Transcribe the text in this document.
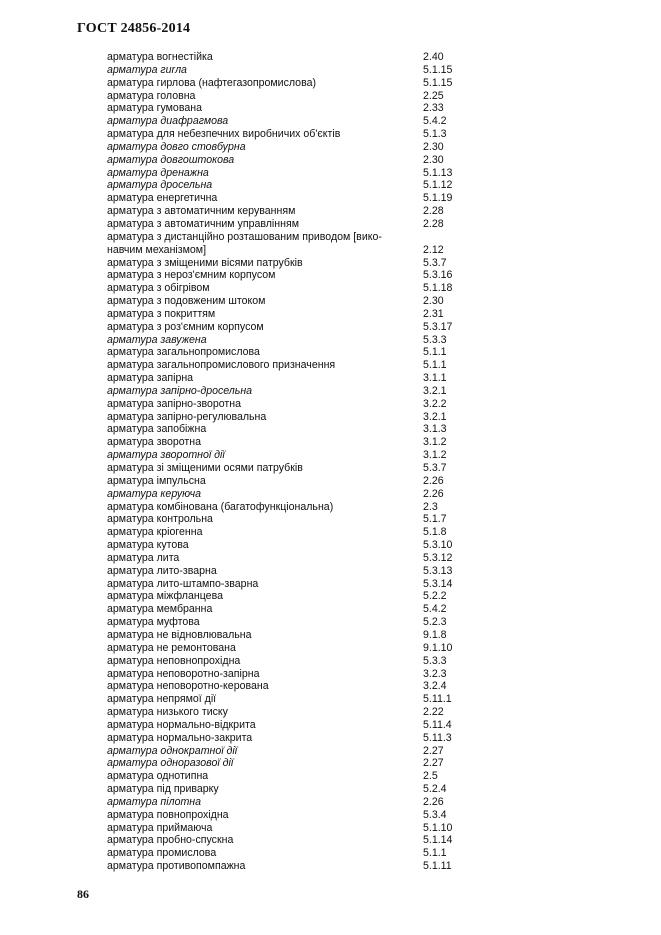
ГОСТ 24856-2014
арматура вогнестійка	2.40
арматура гиrла	5.1.15
арматура гирлова (нафтегазопромислова)	5.1.15
арматура головна	2.25
арматура гумована	2.33
арматура диафрагмова	5.4.2
арматура для небезпечних виробничих об'єктів	5.1.3
арматура довго стовбурна	2.30
арматура довгоштокова	2.30
арматура дренажна	5.1.13
арматура дросельна	5.1.12
арматура енергетична	5.1.19
арматура з автоматичним керуванням	2.28
арматура з автоматичним управлінням	2.28
арматура з дистанційно розташованим приводом [вико-
навчим механізмом]	2.12
арматура з зміщеними вісями патрубків	5.3.7
арматура з нероз'ємним корпусом	5.3.16
арматура з обігрівом	5.1.18
арматура з подовженим штоком	2.30
арматура з покриттям	2.31
арматура з роз'ємним корпусом	5.3.17
арматура завужена	5.3.3
арматура загальнопромислова	5.1.1
арматура загальнопромислового призначення	5.1.1
арматура запірна	3.1.1
арматура запірно-дросельна	3.2.1
арматура запірно-зворотна	3.2.2
арматура запірно-регулювальна	3.2.1
арматура запобіжна	3.1.3
арматура зворотна	3.1.2
арматура зворотної дії	3.1.2
арматура зі зміщеними осями патрубків	5.3.7
арматура імпульсна	2.26
арматура керуюча	2.26
арматура комбінована (багатофункціональна)	2.3
арматура контрольна	5.1.7
арматура кріогенна	5.1.8
арматура кутова	5.3.10
арматура лита	5.3.12
арматура лито-зварна	5.3.13
арматура лито-штампо-зварна	5.3.14
арматура міжфланцева	5.2.2
арматура мембранна	5.4.2
арматура муфтова	5.2.3
арматура не відновлювальна	9.1.8
арматура не ремонтована	9.1.10
арматура неповнопрохідна	5.3.3
арматура неповоротно-запірна	3.2.3
арматура неповоротно-керована	3.2.4
арматура непрямої дії	5.11.1
арматура низького тиску	2.22
арматура нормально-відкрита	5.11.4
арматура нормально-закрита	5.11.3
арматура однократної дії	2.27
арматура одноразової дії	2.27
арматура однотипна	2.5
арматура під приварку	5.2.4
арматура пілотна	2.26
арматура повнопрохідна	5.3.4
арматура приймаюча	5.1.10
арматура пробно-спускна	5.1.14
арматура промислова	5.1.1
арматура противопомпажна	5.1.11
86
